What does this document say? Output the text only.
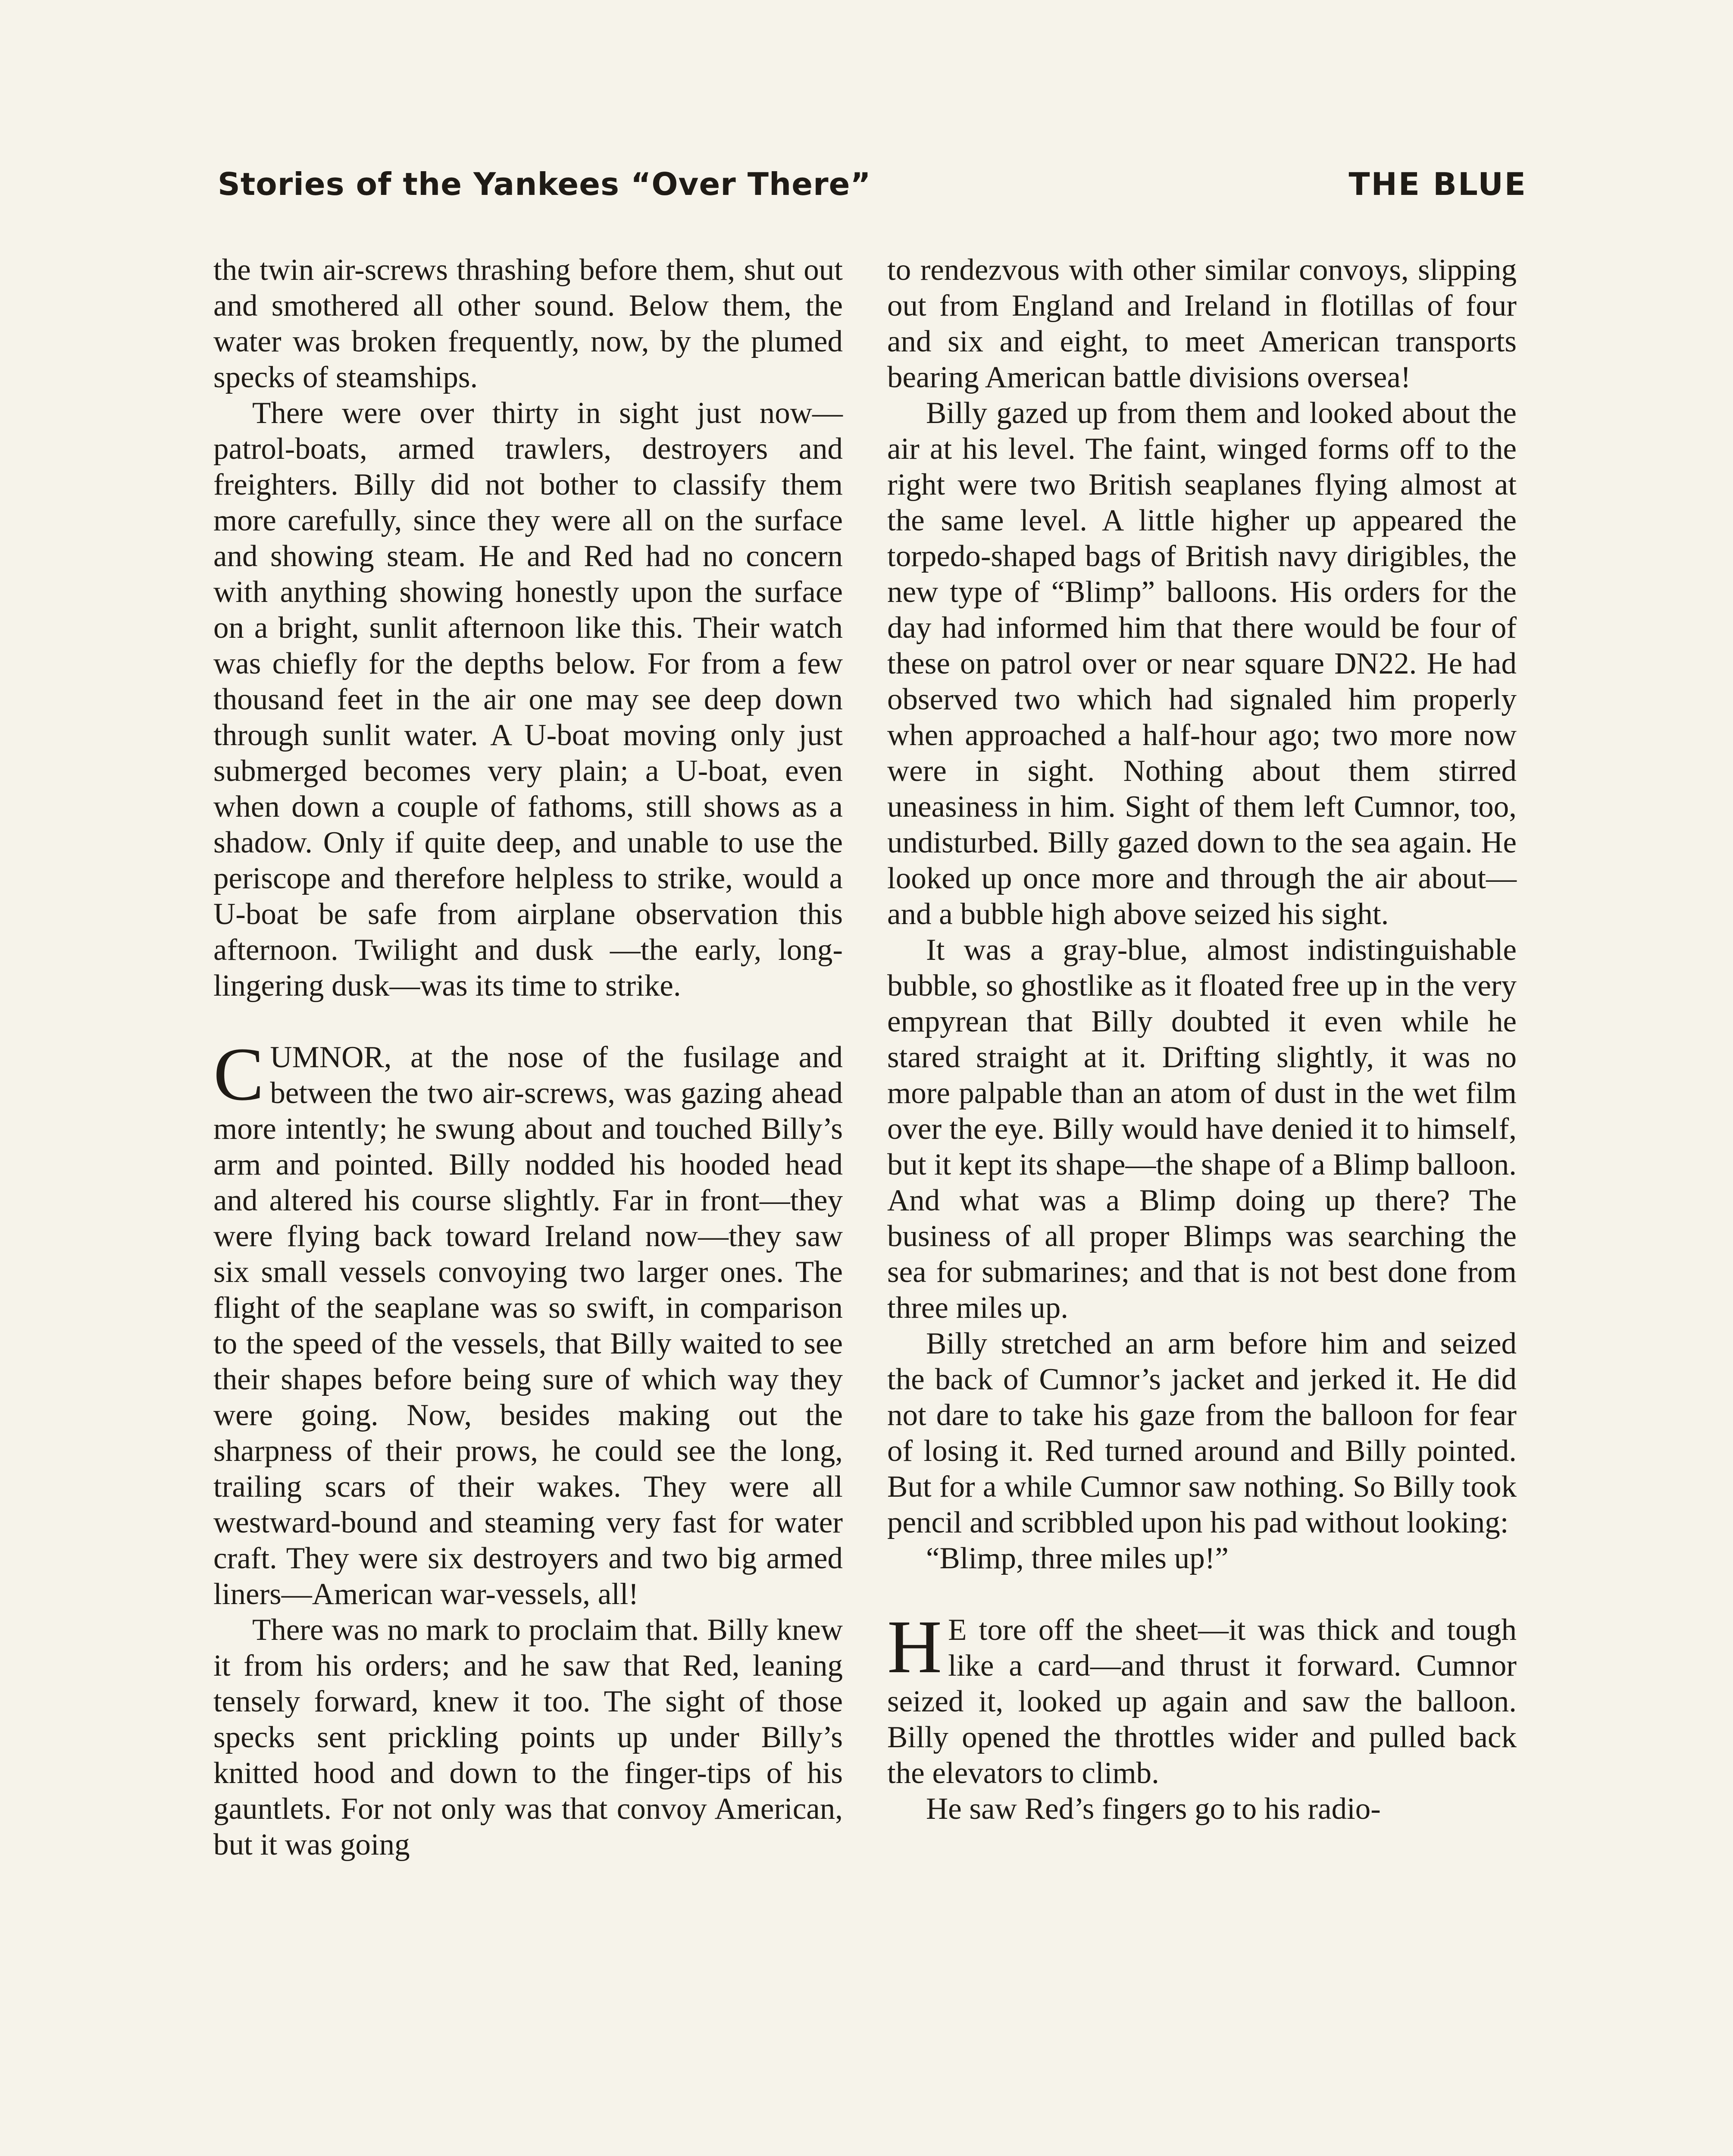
Stories of the Yankees “Over There”	THE BLUE

the twin air-screws thrashing before them, shut out and smothered all other sound. Below them, the water was broken frequently, now, by the plumed specks of steamships.

There were over thirty in sight just now—patrol-boats, armed trawlers, destroyers and freighters. Billy did not bother to classify them more carefully, since they were all on the surface and showing steam. He and Red had no concern with anything showing honestly upon the surface on a bright, sunlit afternoon like this. Their watch was chiefly for the depths below. For from a few thousand feet in the air one may see deep down through sunlit water. A U-boat moving only just submerged becomes very plain; a U-boat, even when down a couple of fathoms, still shows as a shadow. Only if quite deep, and unable to use the periscope and therefore helpless to strike, would a U-boat be safe from airplane observation this afternoon. Twilight and dusk —the early, long-lingering dusk—was its time to strike.

CUMNOR, at the nose of the fusilage and between the two air-screws, was gazing ahead more intently; he swung about and touched Billy’s arm and pointed. Billy nodded his hooded head and altered his course slightly. Far in front—they were flying back toward Ireland now—they saw six small vessels convoying two larger ones. The flight of the seaplane was so swift, in comparison to the speed of the vessels, that Billy waited to see their shapes before being sure of which way they were going. Now, besides making out the sharpness of their prows, he could see the long, trailing scars of their wakes. They were all westward-bound and steaming very fast for water craft. They were six destroyers and two big armed liners—American war-vessels, all!

There was no mark to proclaim that. Billy knew it from his orders; and he saw that Red, leaning tensely forward, knew it too. The sight of those specks sent prickling points up under Billy’s knitted hood and down to the finger-tips of his gauntlets. For not only was that convoy American, but it was going

to rendezvous with other similar convoys, slipping out from England and Ireland in flotillas of four and six and eight, to meet American transports bearing American battle divisions oversea!

Billy gazed up from them and looked about the air at his level. The faint, winged forms off to the right were two British seaplanes flying almost at the same level. A little higher up appeared the torpedo-shaped bags of British navy dirigibles, the new type of “Blimp” balloons. His orders for the day had informed him that there would be four of these on patrol over or near square DN22. He had observed two which had signaled him properly when approached a half-hour ago; two more now were in sight. Nothing about them stirred uneasiness in him. Sight of them left Cumnor, too, undisturbed. Billy gazed down to the sea again. He looked up once more and through the air about—and a bubble high above seized his sight.

It was a gray-blue, almost indistinguishable bubble, so ghostlike as it floated free up in the very empyrean that Billy doubted it even while he stared straight at it. Drifting slightly, it was no more palpable than an atom of dust in the wet film over the eye. Billy would have denied it to himself, but it kept its shape—the shape of a Blimp balloon. And what was a Blimp doing up there? The business of all proper Blimps was searching the sea for submarines; and that is not best done from three miles up.

Billy stretched an arm before him and seized the back of Cumnor’s jacket and jerked it. He did not dare to take his gaze from the balloon for fear of losing it. Red turned around and Billy pointed. But for a while Cumnor saw nothing. So Billy took pencil and scribbled upon his pad without looking:

“Blimp, three miles up!”

H E tore off the sheet—it was thick and tough like a card—and thrust it forward. Cumnor seized it, looked up again and saw the balloon. Billy opened the throttles wider and pulled back the elevators to climb.

He saw Red’s fingers go to his radio-
